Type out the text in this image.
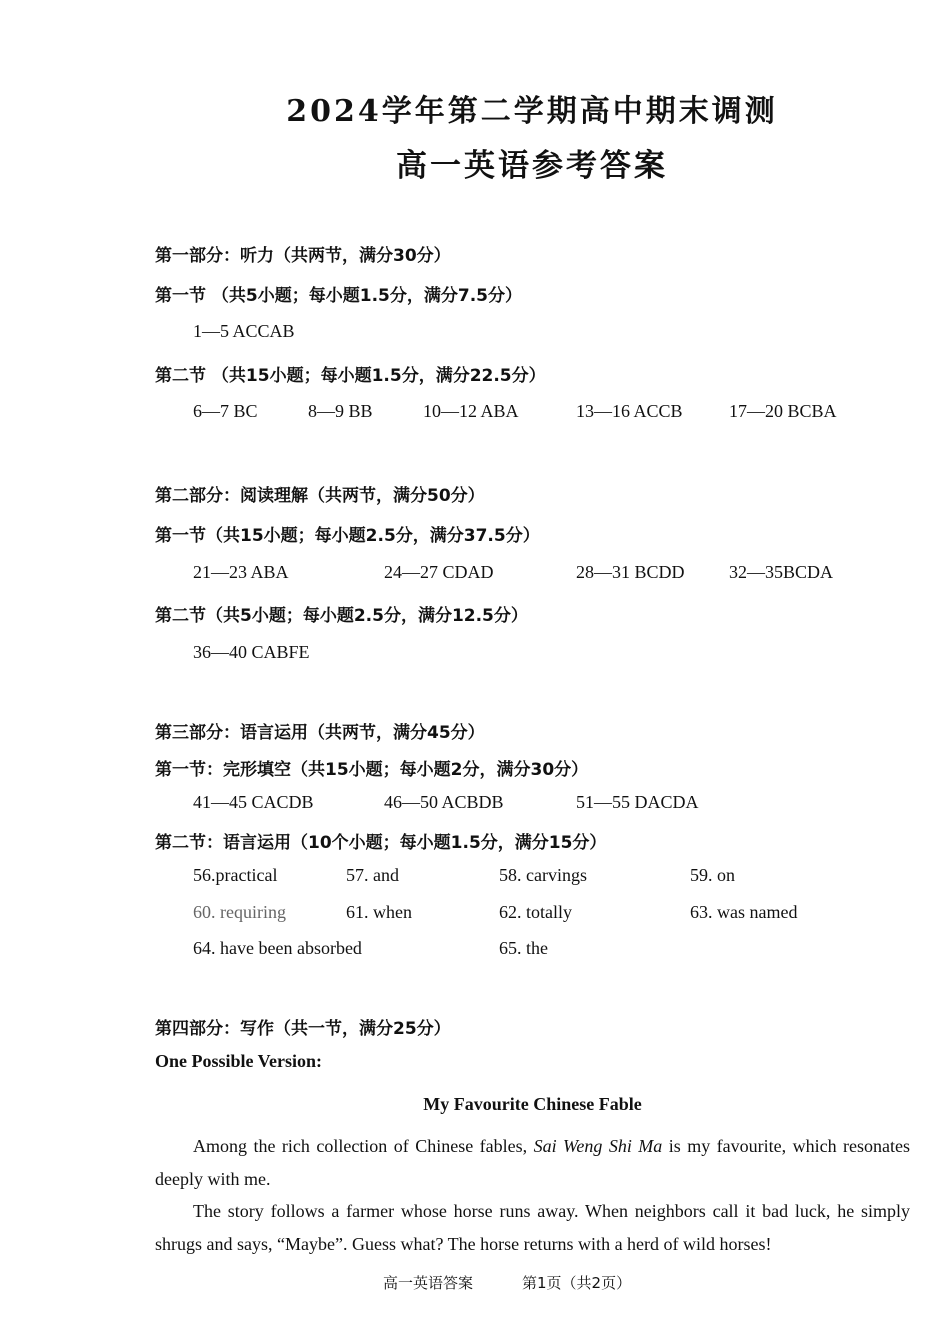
2024学年第二学期高中期末调测
高一英语参考答案
第一部分：听力（共两节，满分30分）
第一节 （共5小题；每小题1.5分，满分7.5分）
1—5 ACCAB
第二节 （共15小题；每小题1.5分，满分22.5分）
6—7 BC	8—9 BB	10—12 ABA	13—16 ACCB	17—20 BCBA
第二部分：阅读理解（共两节，满分50分）
第一节（共15小题；每小题2.5分，满分37.5分）
21—23 ABA	24—27 CDAD	28—31 BCDD 32—35BCDA
第二节（共5小题；每小题2.5分，满分12.5分）
36—40 CABFE
第三部分：语言运用（共两节，满分45分）
第一节：完形填空（共15小题；每小题2分，满分30分）
41—45 CACDB	46—50 ACBDB	51—55 DACDA
第二节：语言运用（10个小题；每小题1.5分，满分15分）
56.practical	57. and	58. carvings	59. on
60. requiring	61. when	62. totally	63. was named
64. have been absorbed	65. the
第四部分：写作（共一节，满分25分）
One Possible Version:
My Favourite Chinese Fable
Among the rich collection of Chinese fables, Sai Weng Shi Ma is my favourite, which resonates deeply with me.
The story follows a farmer whose horse runs away. When neighbors call it bad luck, he simply shrugs and says, “Maybe”. Guess what? The horse returns with a herd of wild horses!
高一英语答案	第1页（共2页）
